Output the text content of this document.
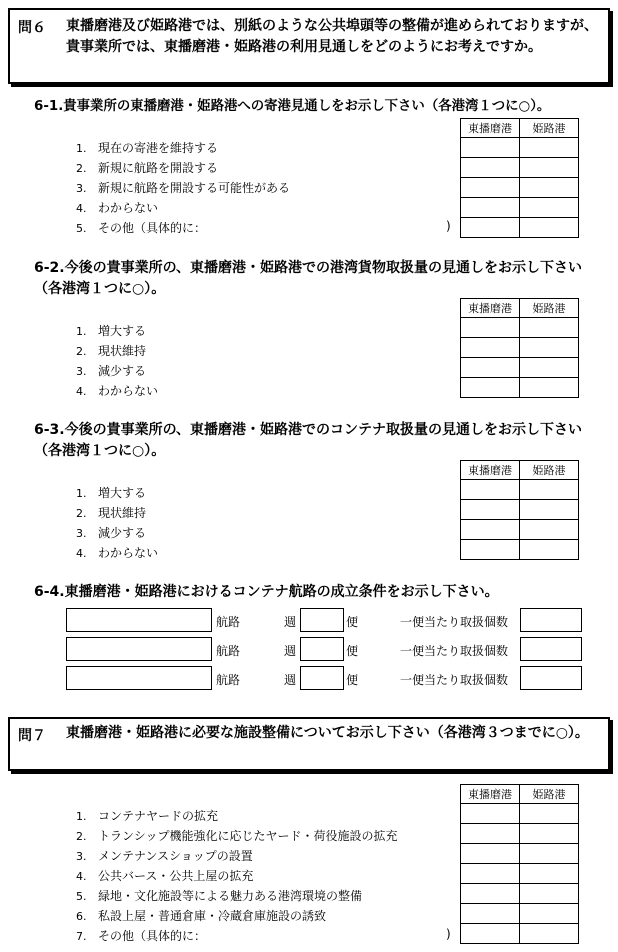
問６ 東播磨港及び姫路港では、別紙のような公共埠頭等の整備が進められておりますが、貴事業所では、東播磨港・姫路港の利用見通しをどのようにお考えですか。
6-1.貴事業所の東播磨港・姫路港への寄港見通しをお示し下さい（各港湾１つに○）。
東播磨港	姫路港

1. 現在の寄港を維持する
2. 新規に航路を開設する
3. 新規に航路を開設する可能性がある
4. わからない
5. その他（具体的に：	)
6-2.今後の貴事業所の、東播磨港・姫路港での港湾貨物取扱量の見通しをお示し下さい（各港湾１つに○）。
東播磨港	姫路港

1. 増大する
2. 現状維持
3. 減少する
4. わからない
6-3.今後の貴事業所の、東播磨港・姫路港でのコンテナ取扱量の見通しをお示し下さい（各港湾１つに○）。
東播磨港	姫路港

1. 増大する
2. 現状維持
3. 減少する
4. わからない
6-4.東播磨港・姫路港におけるコンテナ航路の成立条件をお示し下さい。
航路	週	便	一便当たり取扱個数
航路	週	便	一便当たり取扱個数
航路	週	便	一便当たり取扱個数
問７ 東播磨港・姫路港に必要な施設整備についてお示し下さい（各港湾３つまでに○）。
東播磨港	姫路港

1. コンテナヤードの拡充
2. トランシップ機能強化に応じたヤード・荷役施設の拡充
3. メンテナンスショップの設置
4. 公共バース・公共上屋の拡充
5. 緑地・文化施設等による魅力ある港湾環境の整備
6. 私設上屋・普通倉庫・冷蔵倉庫施設の誘致
7. その他（具体的に：	)
